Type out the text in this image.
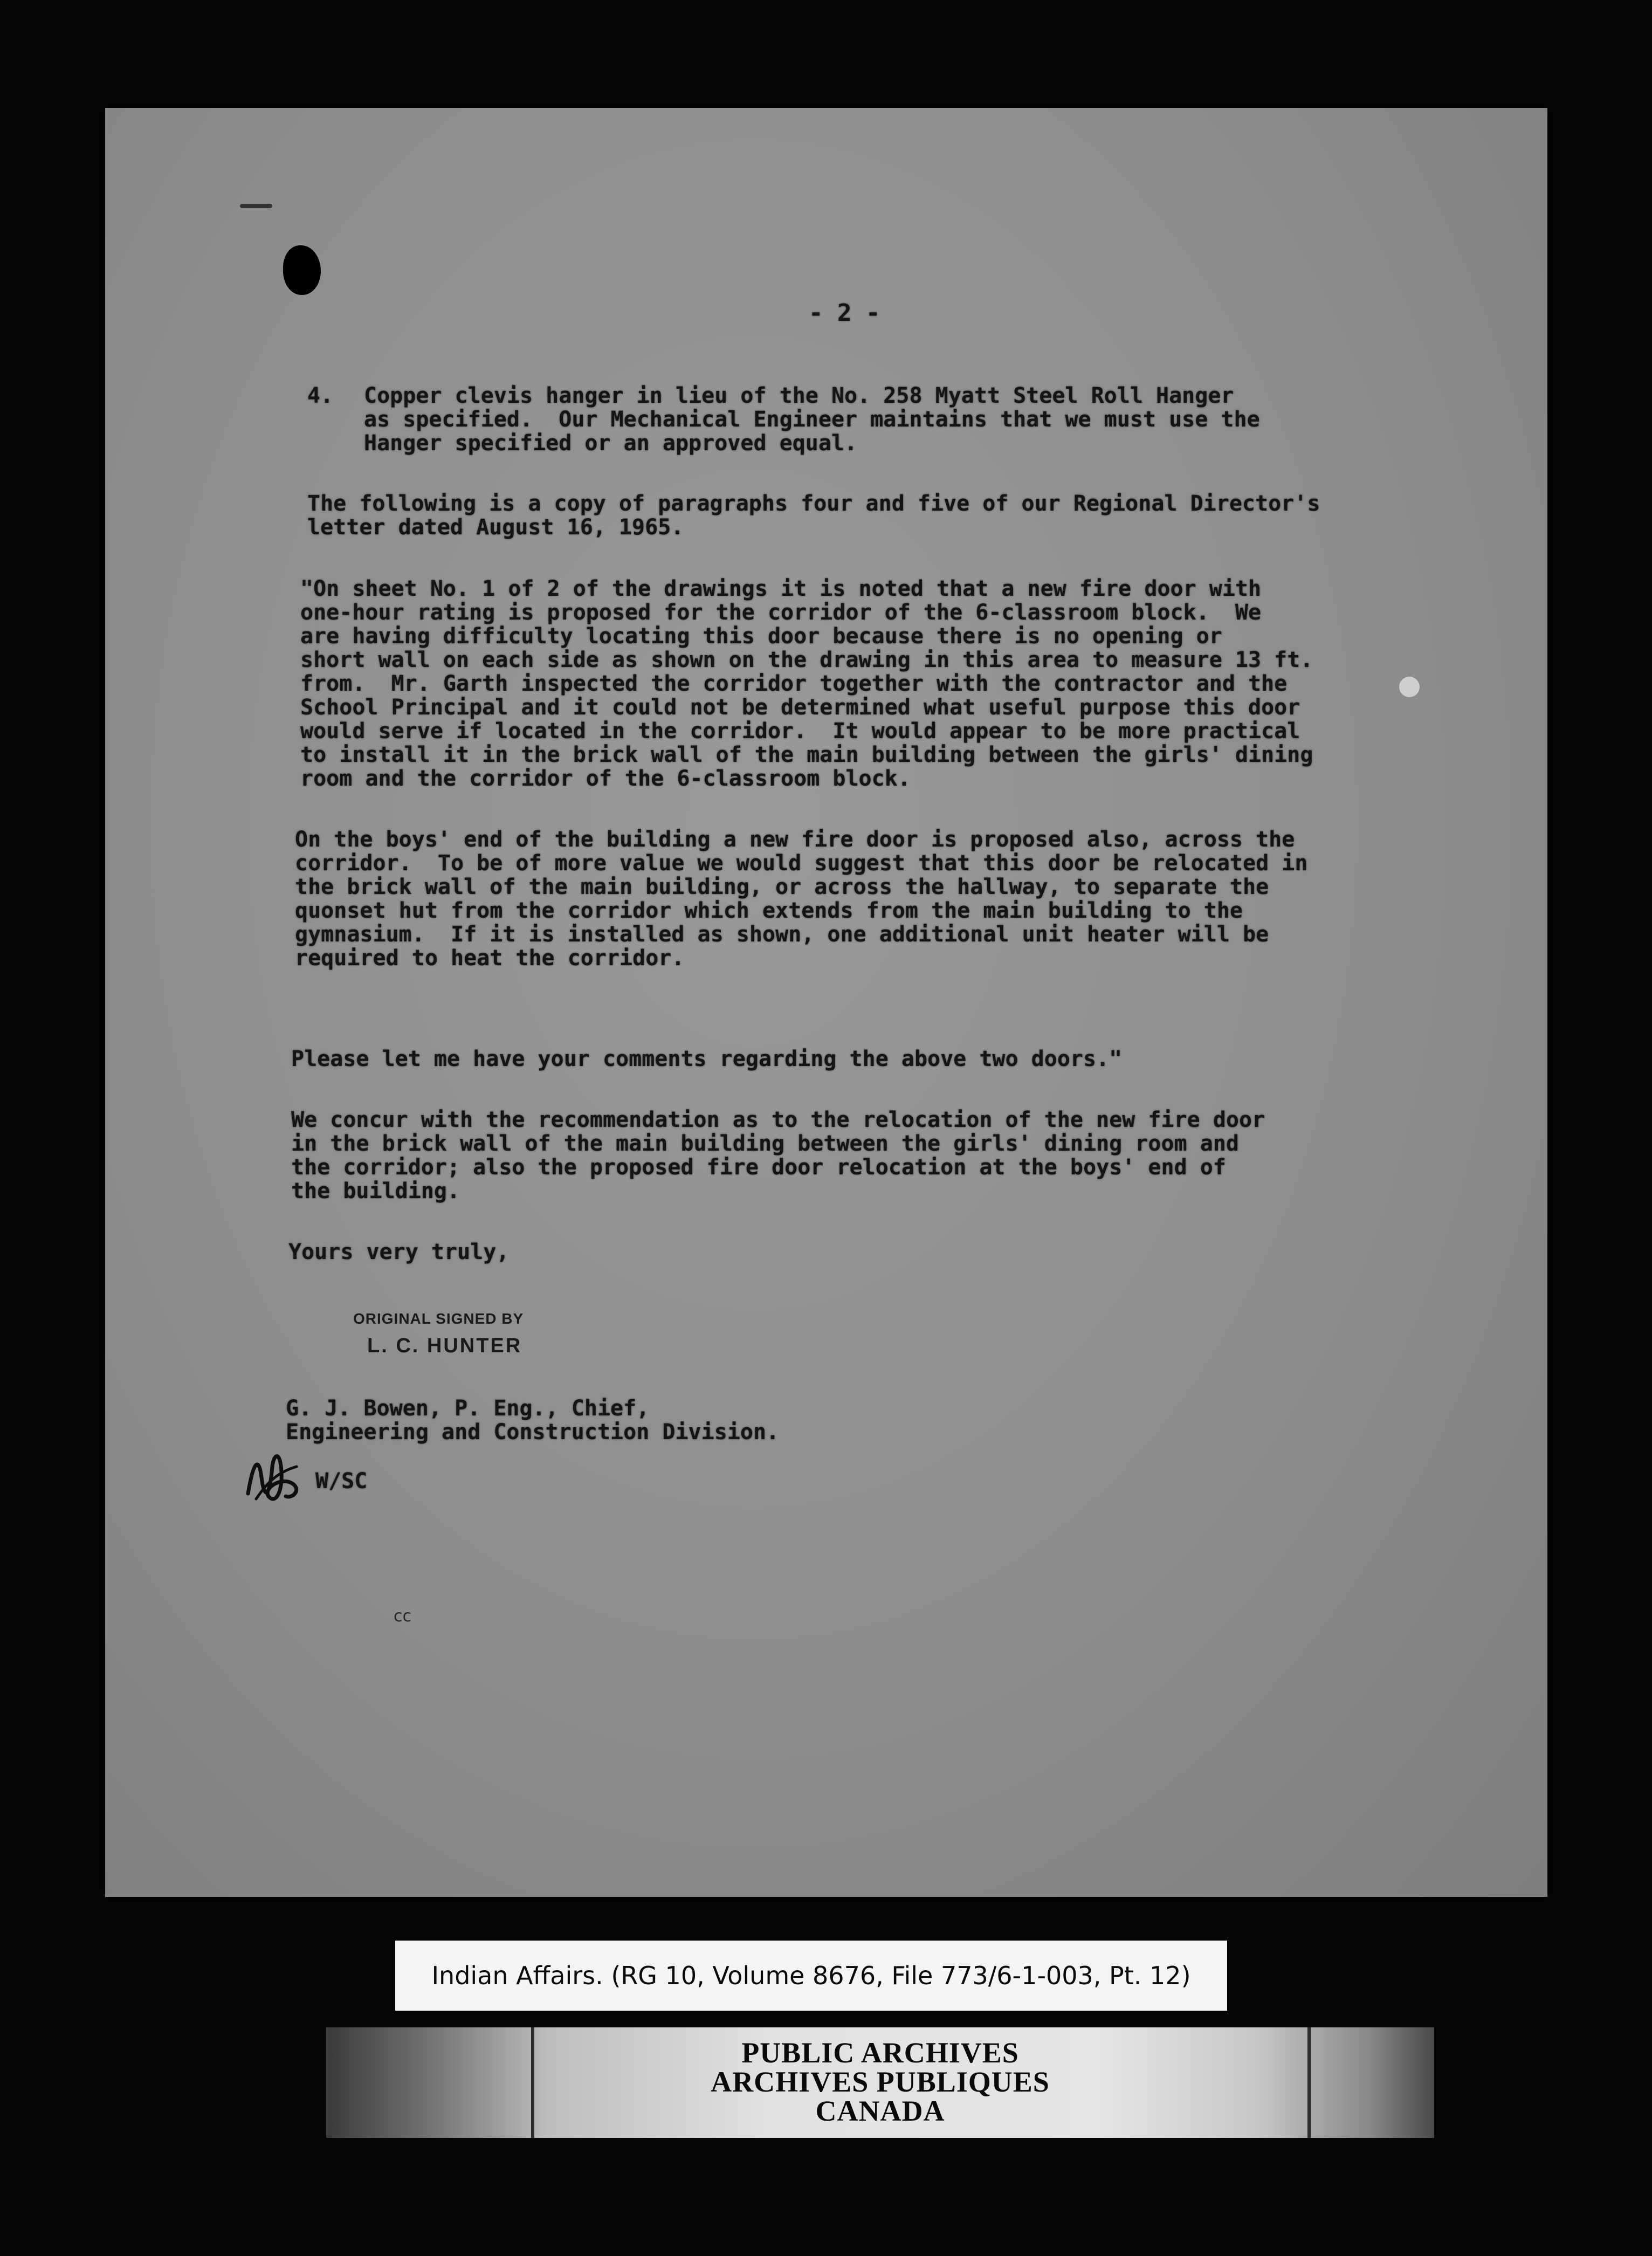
- 2 -
4. Copper clevis hanger in lieu of the No. 258 Myatt Steel Roll Hanger
as specified.  Our Mechanical Engineer maintains that we must use the
Hanger specified or an approved equal.
The following is a copy of paragraphs four and five of our Regional Director's
letter dated August 16, 1965.
"On sheet No. 1 of 2 of the drawings it is noted that a new fire door with
one-hour rating is proposed for the corridor of the 6-classroom block.  We
are having difficulty locating this door because there is no opening or
short wall on each side as shown on the drawing in this area to measure 13 ft.
from.  Mr. Garth inspected the corridor together with the contractor and the
School Principal and it could not be determined what useful purpose this door
would serve if located in the corridor.  It would appear to be more practical
to install it in the brick wall of the main building between the girls' dining
room and the corridor of the 6-classroom block.
On the boys' end of the building a new fire door is proposed also, across the
corridor.  To be of more value we would suggest that this door be relocated in
the brick wall of the main building, or across the hallway, to separate the
quonset hut from the corridor which extends from the main building to the
gymnasium.  If it is installed as shown, one additional unit heater will be
required to heat the corridor.
Please let me have your comments regarding the above two doors."
We concur with the recommendation as to the relocation of the new fire door
in the brick wall of the main building between the girls' dining room and
the corridor; also the proposed fire door relocation at the boys' end of
the building.
Yours very truly,
ORIGINAL SIGNED BY
L. C. HUNTER
G. J. Bowen, P. Eng., Chief,
Engineering and Construction Division.
W/SC
cc
Indian Affairs. (RG 10, Volume 8676, File 773/6-1-003, Pt. 12)
PUBLIC ARCHIVES
ARCHIVES PUBLIQUES
CANADA
